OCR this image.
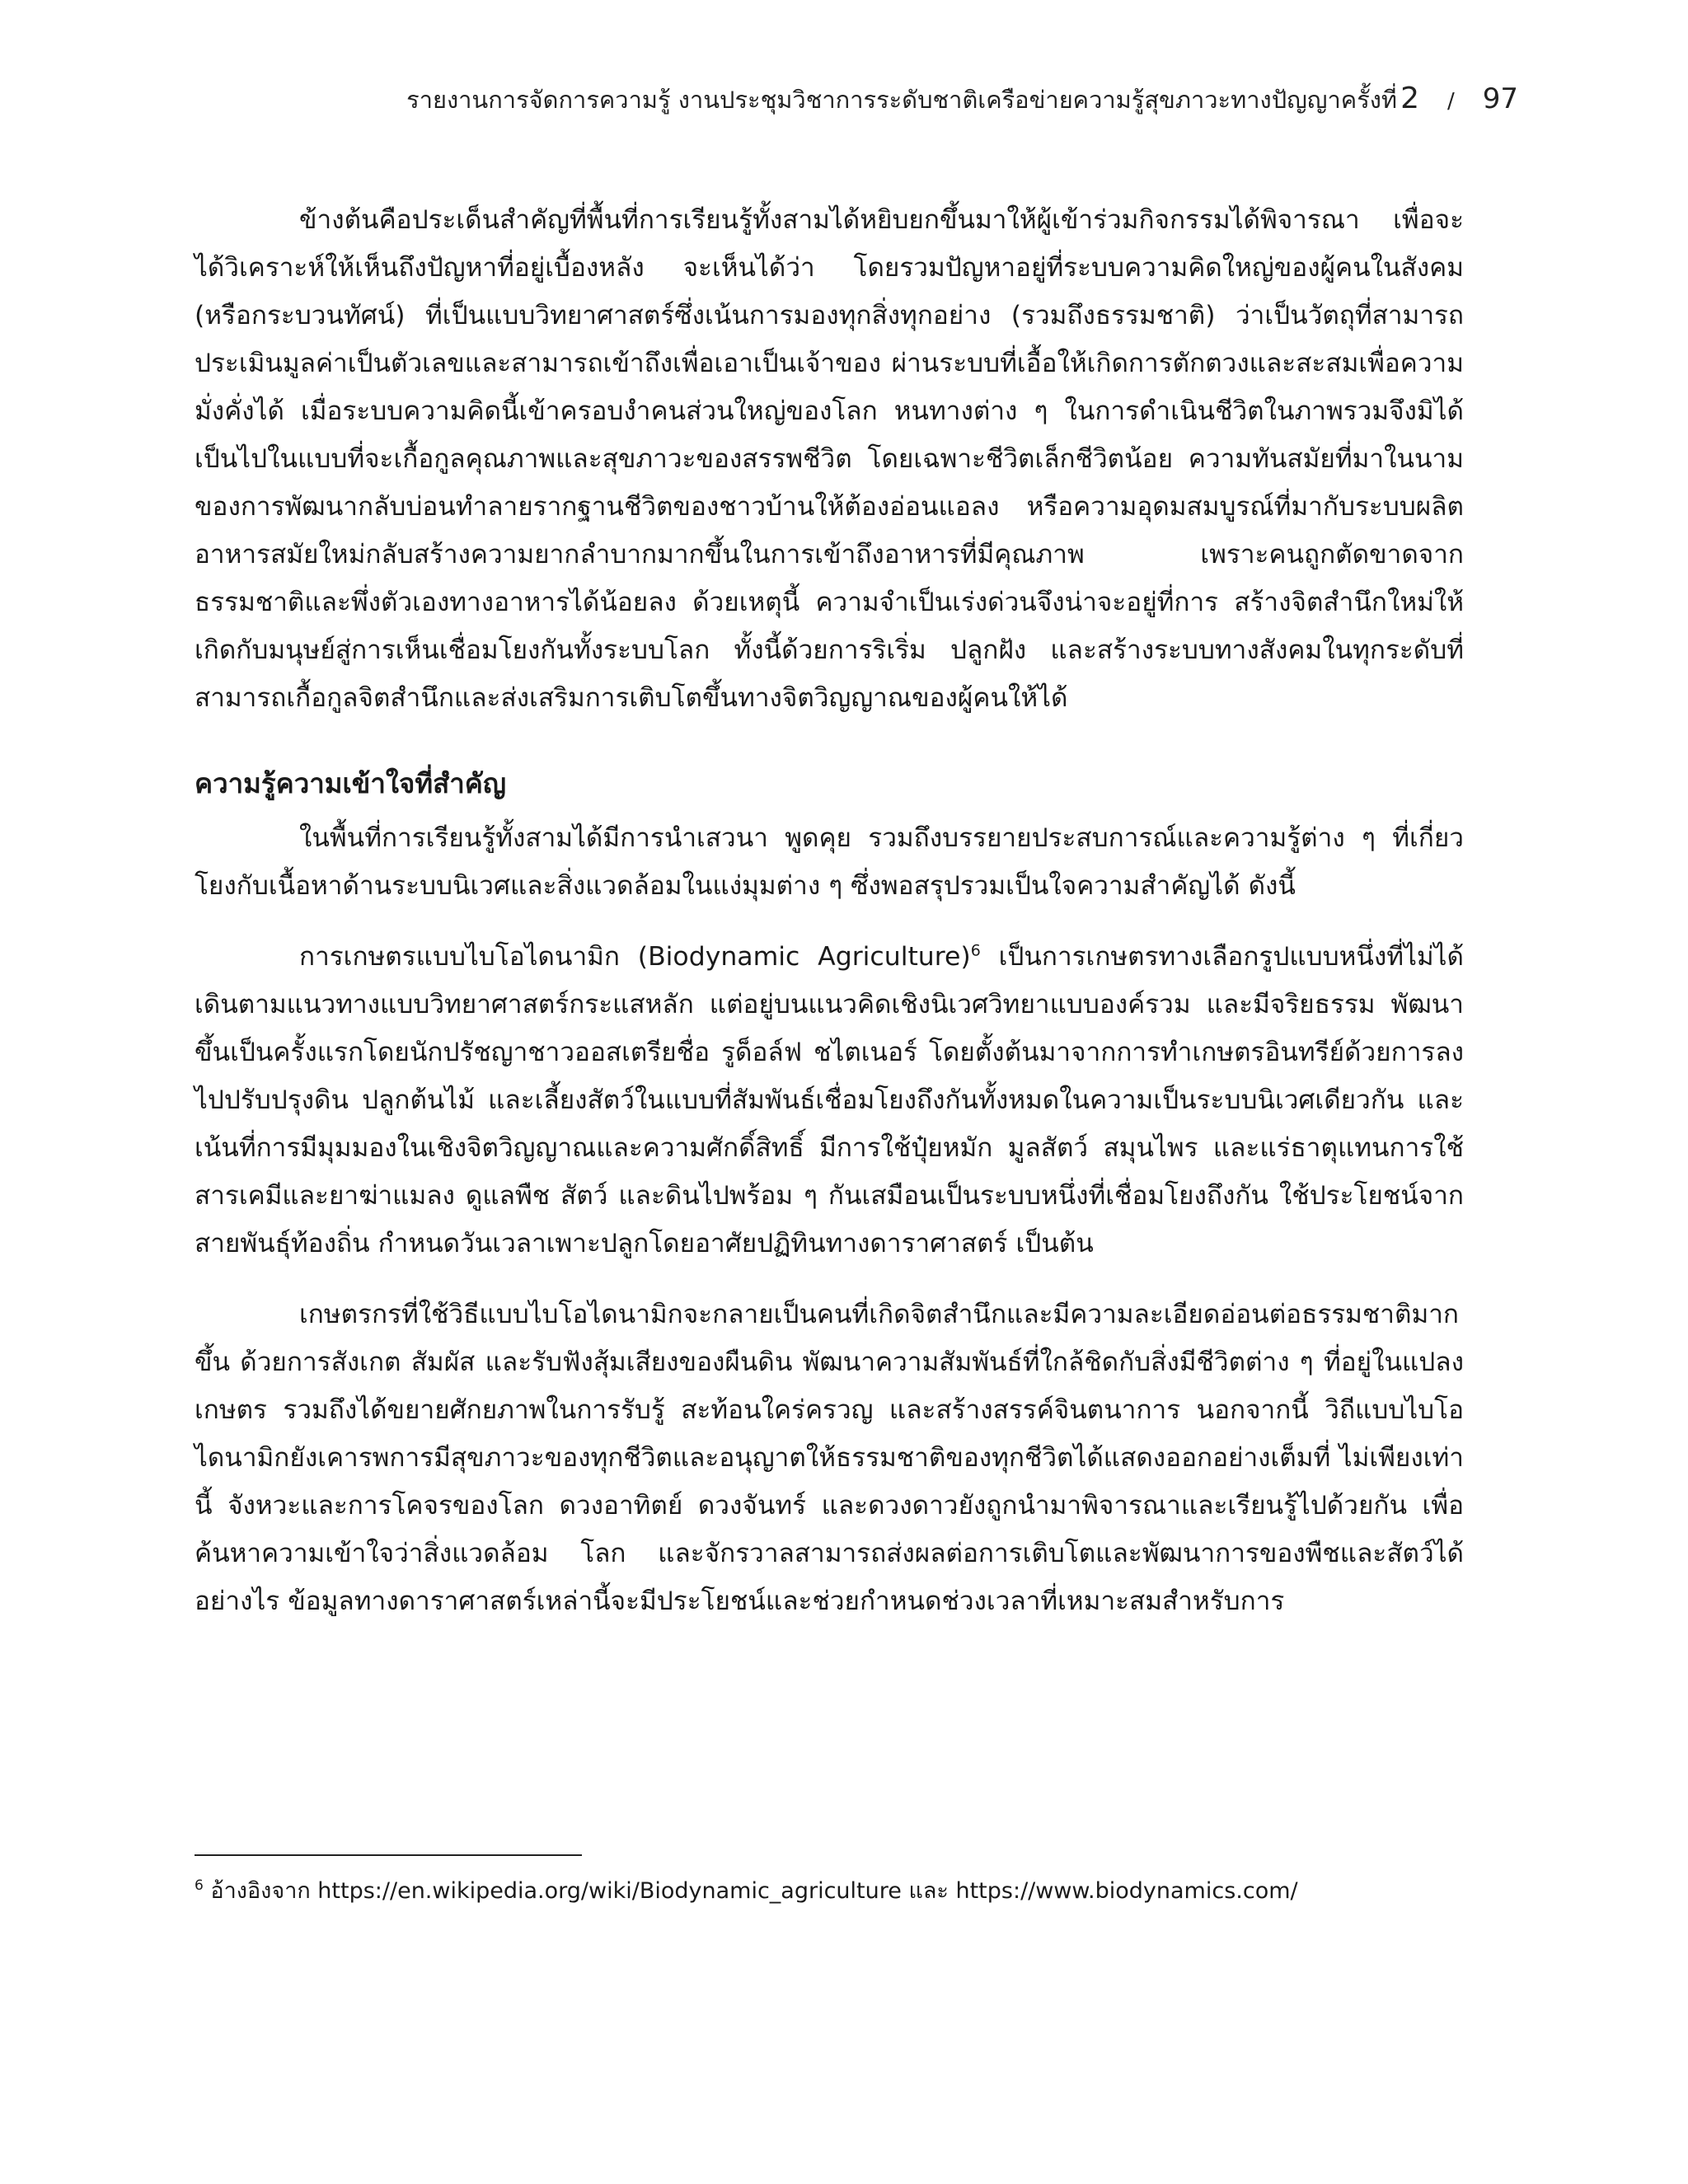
รายงานการจัดการความรู้ งานประชุมวิชาการระดับชาติเครือข่ายความรู้สุขภาวะทางปัญญาครั้งที่ 2 / 97

ข้างต้นคือประเด็นสำคัญที่พื้นที่การเรียนรู้ทั้งสามได้หยิบยกขึ้นมาให้ผู้เข้าร่วมกิจกรรมได้พิจารณา เพื่อจะได้วิเคราะห์ให้เห็นถึงปัญหาที่อยู่เบื้องหลัง จะเห็นได้ว่า โดยรวมปัญหาอยู่ที่ระบบความคิดใหญ่ของผู้คนในสังคม (หรือกระบวนทัศน์) ที่เป็นแบบวิทยาศาสตร์ซึ่งเน้นการมองทุกสิ่งทุกอย่าง (รวมถึงธรรมชาติ) ว่าเป็นวัตถุที่สามารถประเมินมูลค่าเป็นตัวเลขและสามารถเข้าถึงเพื่อเอาเป็นเจ้าของ ผ่านระบบที่เอื้อให้เกิดการตักตวงและสะสมเพื่อความมั่งคั่งได้ เมื่อระบบความคิดนี้เข้าครอบงำคนส่วนใหญ่ของโลก หนทางต่าง ๆ ในการดำเนินชีวิตในภาพรวมจึงมิได้เป็นไปในแบบที่จะเกื้อกูลคุณภาพและสุขภาวะของสรรพชีวิต โดยเฉพาะชีวิตเล็กชีวิตน้อย ความทันสมัยที่มาในนามของการพัฒนากลับบ่อนทำลายรากฐานชีวิตของชาวบ้านให้ต้องอ่อนแอลง หรือความอุดมสมบูรณ์ที่มากับระบบผลิตอาหารสมัยใหม่กลับสร้างความยากลำบากมากขึ้นในการเข้าถึงอาหารที่มีคุณภาพ เพราะคนถูกตัดขาดจากธรรมชาติและพึ่งตัวเองทางอาหารได้น้อยลง ด้วยเหตุนี้ ความจำเป็นเร่งด่วนจึงน่าจะอยู่ที่การ สร้างจิตสำนึกใหม่ให้เกิดกับมนุษย์สู่การเห็นเชื่อมโยงกันทั้งระบบโลก ทั้งนี้ด้วยการริเริ่ม ปลูกฝัง และสร้างระบบทางสังคมในทุกระดับที่สามารถเกื้อกูลจิตสำนึกและส่งเสริมการเติบโตขึ้นทางจิตวิญญาณของผู้คนให้ได้

ความรู้ความเข้าใจที่สำคัญ

ในพื้นที่การเรียนรู้ทั้งสามได้มีการนำเสวนา พูดคุย รวมถึงบรรยายประสบการณ์และความรู้ต่าง ๆ ที่เกี่ยวโยงกับเนื้อหาด้านระบบนิเวศและสิ่งแวดล้อมในแง่มุมต่าง ๆ ซึ่งพอสรุปรวมเป็นใจความสำคัญได้ ดังนี้

การเกษตรแบบไบโอไดนามิก (Biodynamic Agriculture)$^6$ เป็นการเกษตรทางเลือกรูปแบบหนึ่งที่ไม่ได้เดินตามแนวทางแบบวิทยาศาสตร์กระแสหลัก แต่อยู่บนแนวคิดเชิงนิเวศวิทยาแบบองค์รวม และมีจริยธรรม พัฒนาขึ้นเป็นครั้งแรกโดยนักปรัชญาชาวออสเตรียชื่อ รูด็อล์ฟ ชไตเนอร์ โดยตั้งต้นมาจากการทำเกษตรอินทรีย์ด้วยการลงไปปรับปรุงดิน ปลูกต้นไม้ และเลี้ยงสัตว์ในแบบที่สัมพันธ์เชื่อมโยงถึงกันทั้งหมดในความเป็นระบบนิเวศเดียวกัน และเน้นที่การมีมุมมองในเชิงจิตวิญญาณและความศักดิ์สิทธิ์ มีการใช้ปุ๋ยหมัก มูลสัตว์ สมุนไพร และแร่ธาตุแทนการใช้สารเคมีและยาฆ่าแมลง ดูแลพืช สัตว์ และดินไปพร้อม ๆ กันเสมือนเป็นระบบหนึ่งที่เชื่อมโยงถึงกัน ใช้ประโยชน์จากสายพันธุ์ท้องถิ่น กำหนดวันเวลาเพาะปลูกโดยอาศัยปฏิทินทางดาราศาสตร์ เป็นต้น

เกษตรกรที่ใช้วิธีแบบไบโอไดนามิกจะกลายเป็นคนที่เกิดจิตสำนึกและมีความละเอียดอ่อนต่อธรรมชาติมากขึ้น ด้วยการสังเกต สัมผัส และรับฟังสุ้มเสียงของผืนดิน พัฒนาความสัมพันธ์ที่ใกล้ชิดกับสิ่งมีชีวิตต่าง ๆ ที่อยู่ในแปลงเกษตร รวมถึงได้ขยายศักยภาพในการรับรู้ สะท้อนใคร่ครวญ และสร้างสรรค์จินตนาการ นอกจากนี้ วิถีแบบไบโอไดนามิกยังเคารพการมีสุขภาวะของทุกชีวิตและอนุญาตให้ธรรมชาติของทุกชีวิตได้แสดงออกอย่างเต็มที่ ไม่เพียงเท่านี้ จังหวะและการโคจรของโลก ดวงอาทิตย์ ดวงจันทร์ และดวงดาวยังถูกนำมาพิจารณาและเรียนรู้ไปด้วยกัน เพื่อค้นหาความเข้าใจว่าสิ่งแวดล้อม โลก และจักรวาลสามารถส่งผลต่อการเติบโตและพัฒนาการของพืชและสัตว์ได้อย่างไร ข้อมูลทางดาราศาสตร์เหล่านี้จะมีประโยชน์และช่วยกำหนดช่วงเวลาที่เหมาะสมสำหรับการ

$^6$ อ้างอิงจาก https://en.wikipedia.org/wiki/Biodynamic_agriculture และ https://www.biodynamics.com/
